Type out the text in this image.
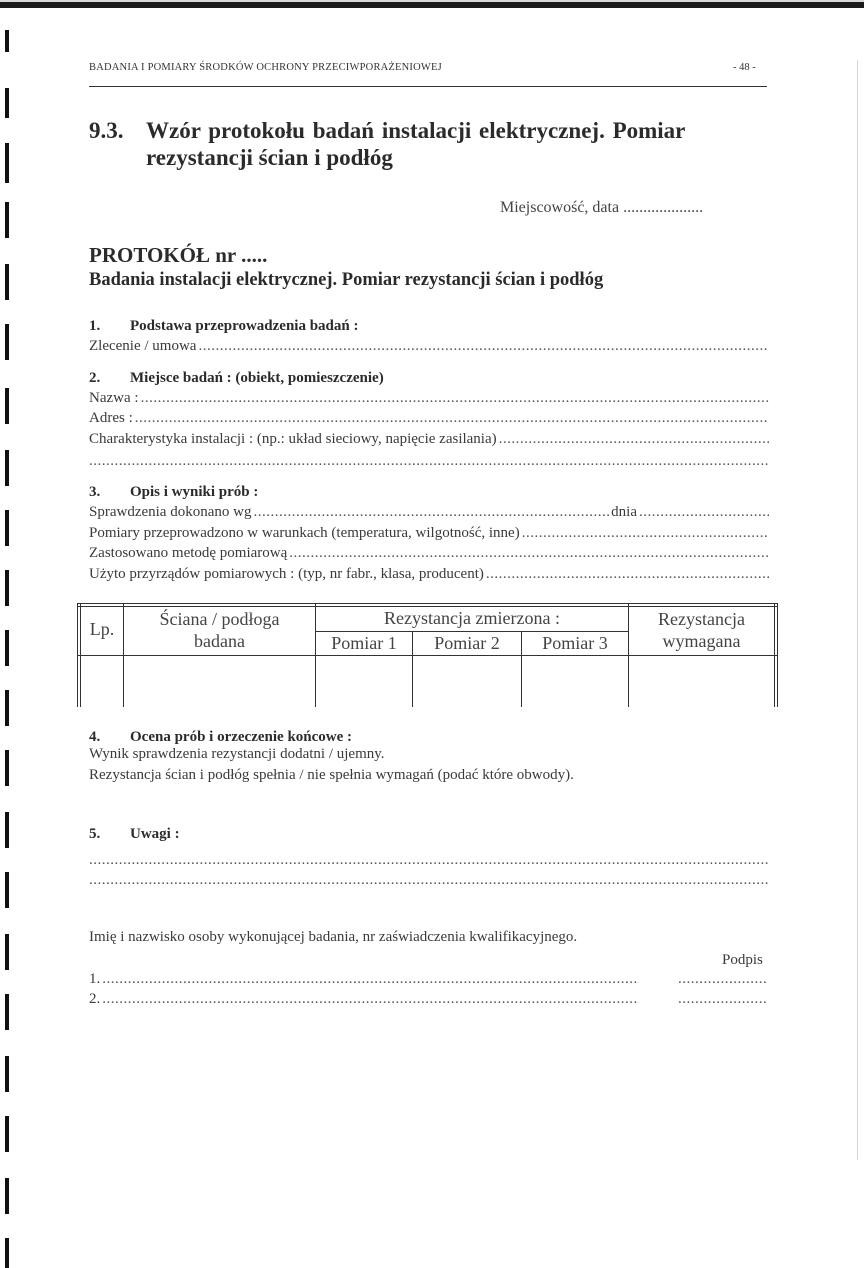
BADANIA I POMIARY ŚRODKÓW OCHRONY PRZECIWPORAŻENIOWEJ	- 48 -
9.3. Wzór protokołu badań instalacji elektrycznej. Pomiar
rezystancji ścian i podłóg
Miejscowość, data ....................
PROTOKÓŁ nr .....
Badania instalacji elektrycznej. Pomiar rezystancji ścian i podłóg
1. Podstawa przeprowadzenia badań :
Zlecenie / umowa
.....
2. Miejsce badań : (obiekt, pomieszczenie)
Nazwa :
.....
Adres :
.....
Charakterystyka instalacji : (np.: układ sieciowy, napięcie zasilania)
.....
.....
3. Opis i wyniki prób :
Sprawdzenia dokonano wg
.....	dnia
.....
Pomiary przeprowadzono w warunkach (temperatura, wilgotność, inne)
.....
Zastosowano metodę pomiarową
.....
Użyto przyrządów pomiarowych : (typ, nr fabr., klasa, producent)
.....
Lp.	Ściana / podłoga
badana
Rezystancja zmierzona :
Pomiar 1	Pomiar 2	Pomiar 3
Rezystancja
wymagana
4. Ocena prób i orzeczenie końcowe :
Wynik sprawdzenia rezystancji dodatni / ujemny.
Rezystancja ścian i podłóg spełnia / nie spełnia wymagań (podać które obwody).
5. Uwagi :
.....
.....
Imię i nazwisko osoby wykonującej badania, nr zaświadczenia kwalifikacyjnego.
Podpis
1.
.....
.....
2.
.....
.....
